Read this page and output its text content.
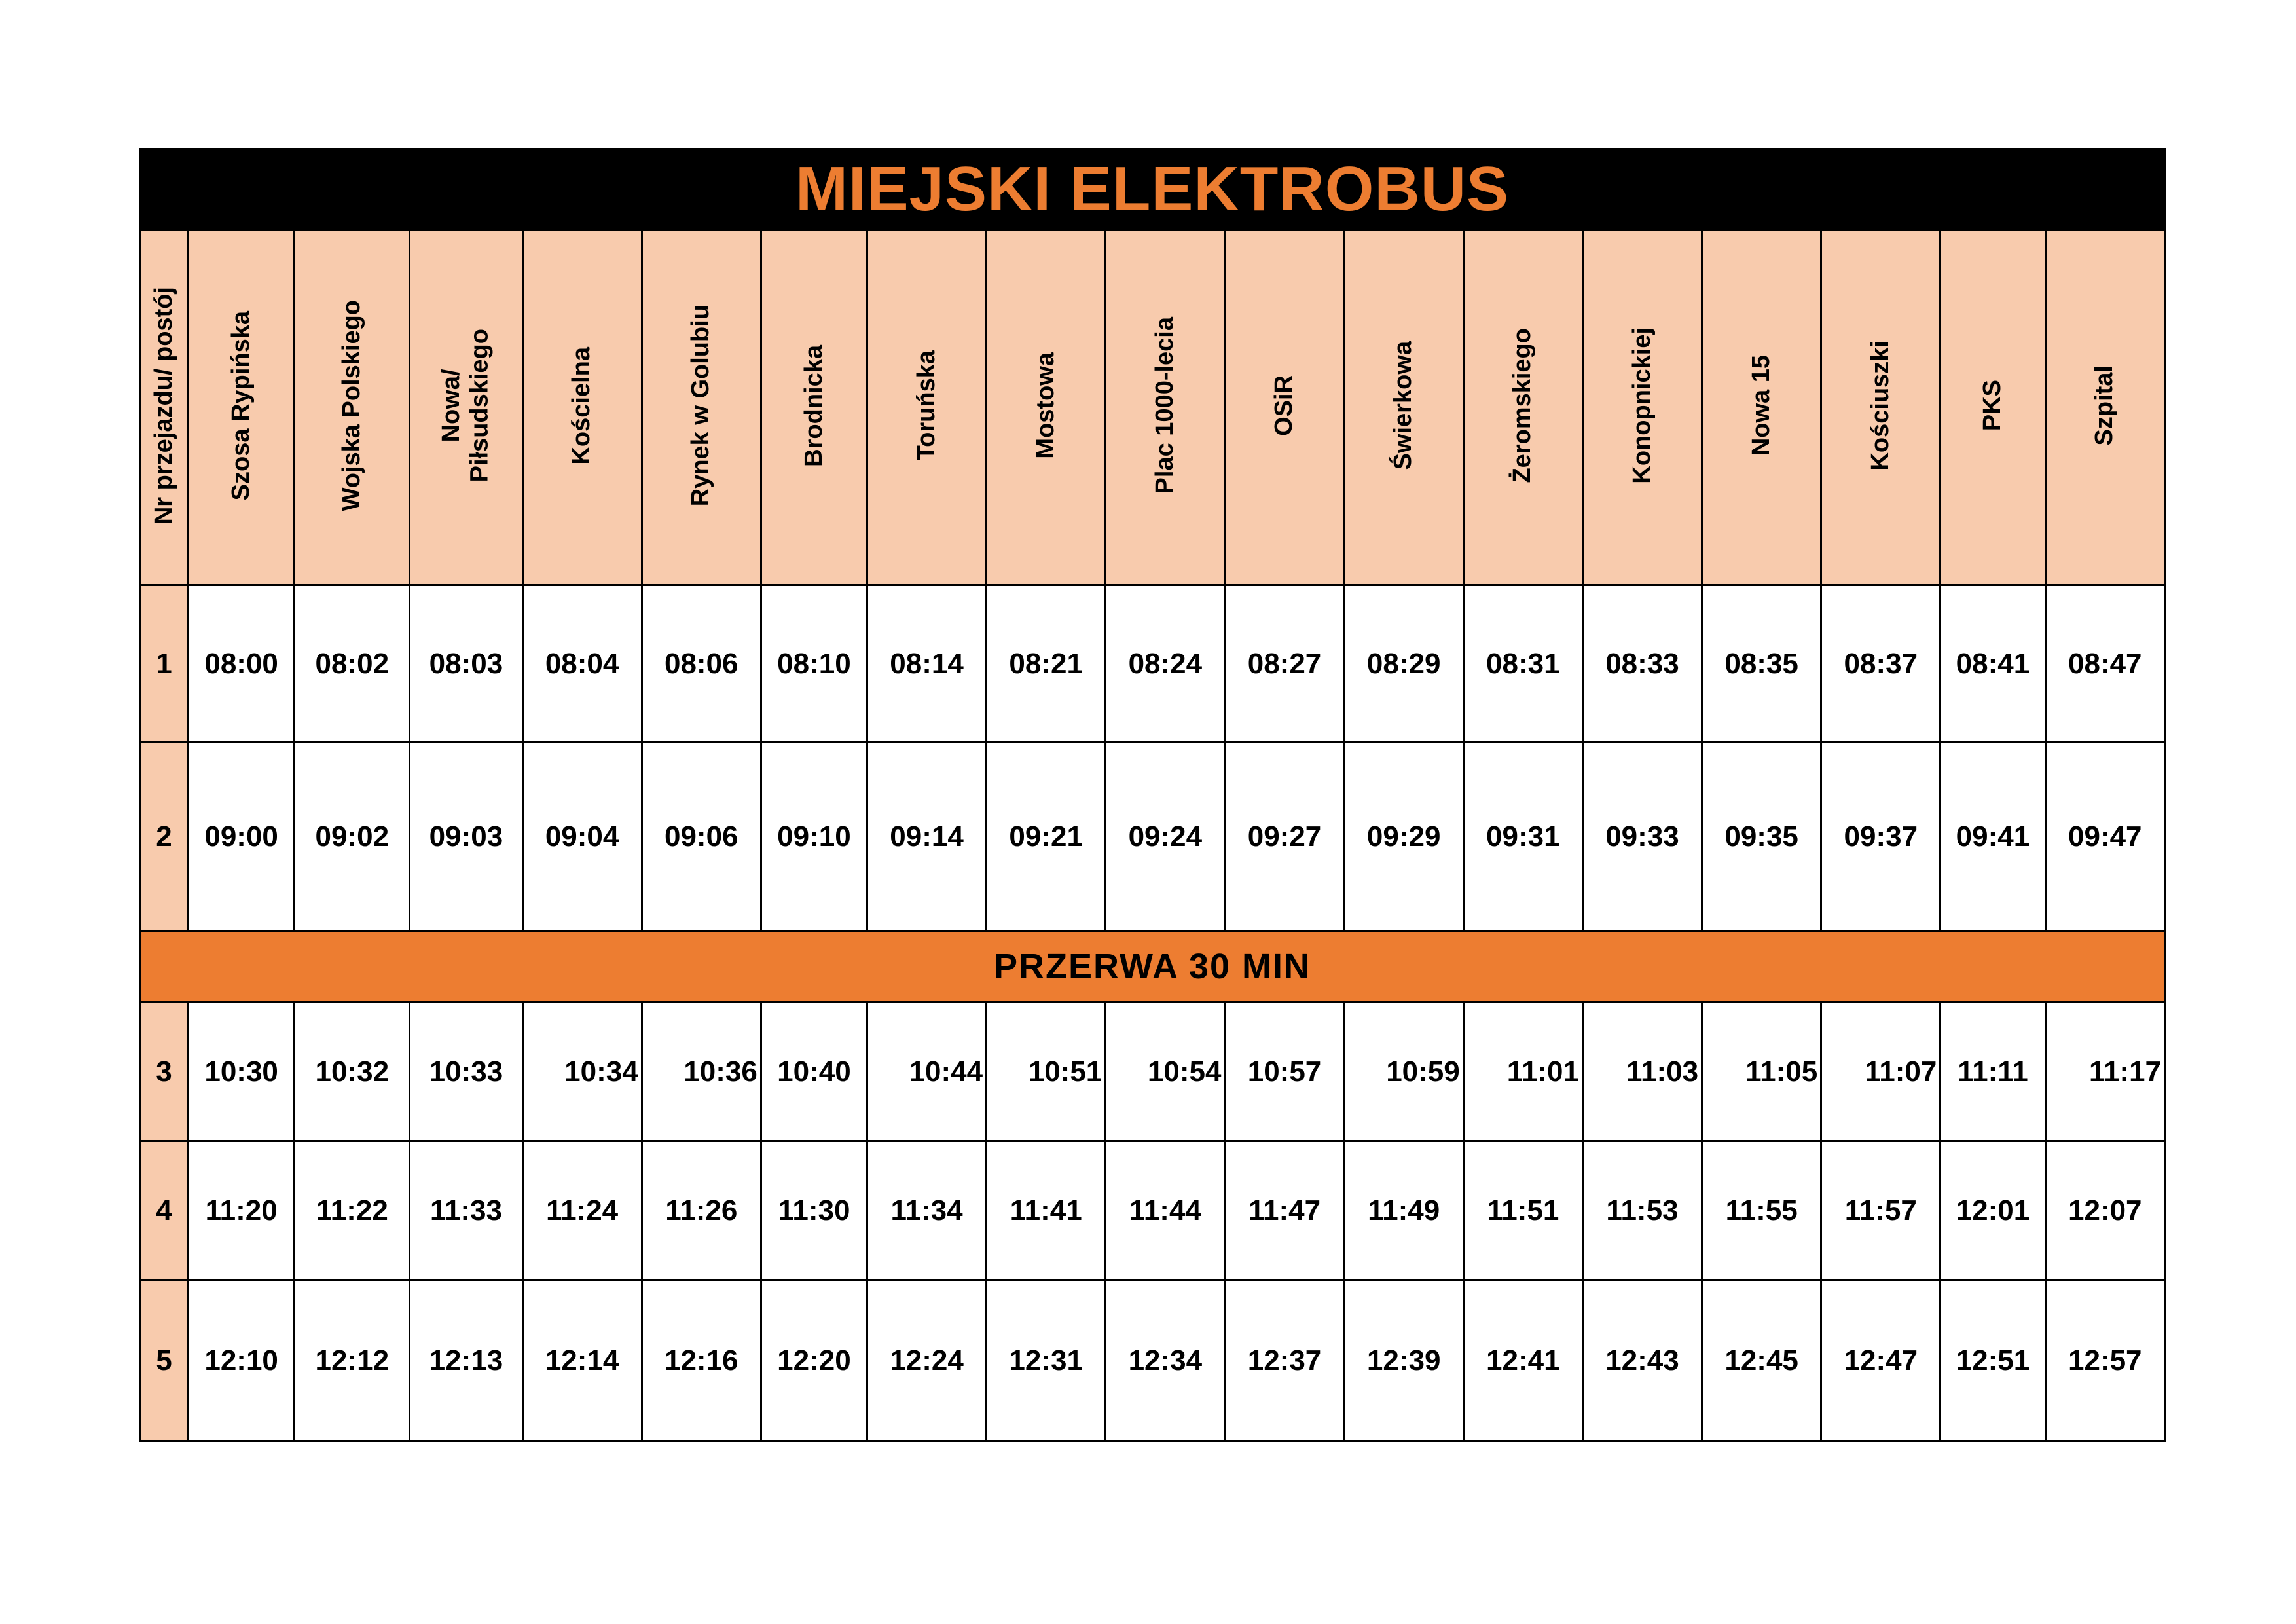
MIEJSKI ELEKTROBUS																	
Nr przejazdu/ postój	Szosa Rypińska	Wojska Polskiego	Nowa/
Piłsudskiego	Kościelna	Rynek w Golubiu	Brodnicka	Toruńska	Mostowa	Plac 1000-lecia	OSiR	Świerkowa	Żeromskiego	Konopnickiej	Nowa 15	Kościuszki	PKS	Szpital
1	08:00	08:02	08:03	08:04	08:06	08:10	08:14	08:21	08:24	08:27	08:29	08:31	08:33	08:35	08:37	08:41	08:47
2	09:00	09:02	09:03	09:04	09:06	09:10	09:14	09:21	09:24	09:27	09:29	09:31	09:33	09:35	09:37	09:41	09:47
PRZERWA 30 MIN																	
3	10:30	10:32	10:33	10:34	10:36	10:40	10:44	10:51	10:54	10:57	10:59	11:01	11:03	11:05	11:07	11:11	11:17
4	11:20	11:22	11:33	11:24	11:26	11:30	11:34	11:41	11:44	11:47	11:49	11:51	11:53	11:55	11:57	12:01	12:07
5	12:10	12:12	12:13	12:14	12:16	12:20	12:24	12:31	12:34	12:37	12:39	12:41	12:43	12:45	12:47	12:51	12:57
